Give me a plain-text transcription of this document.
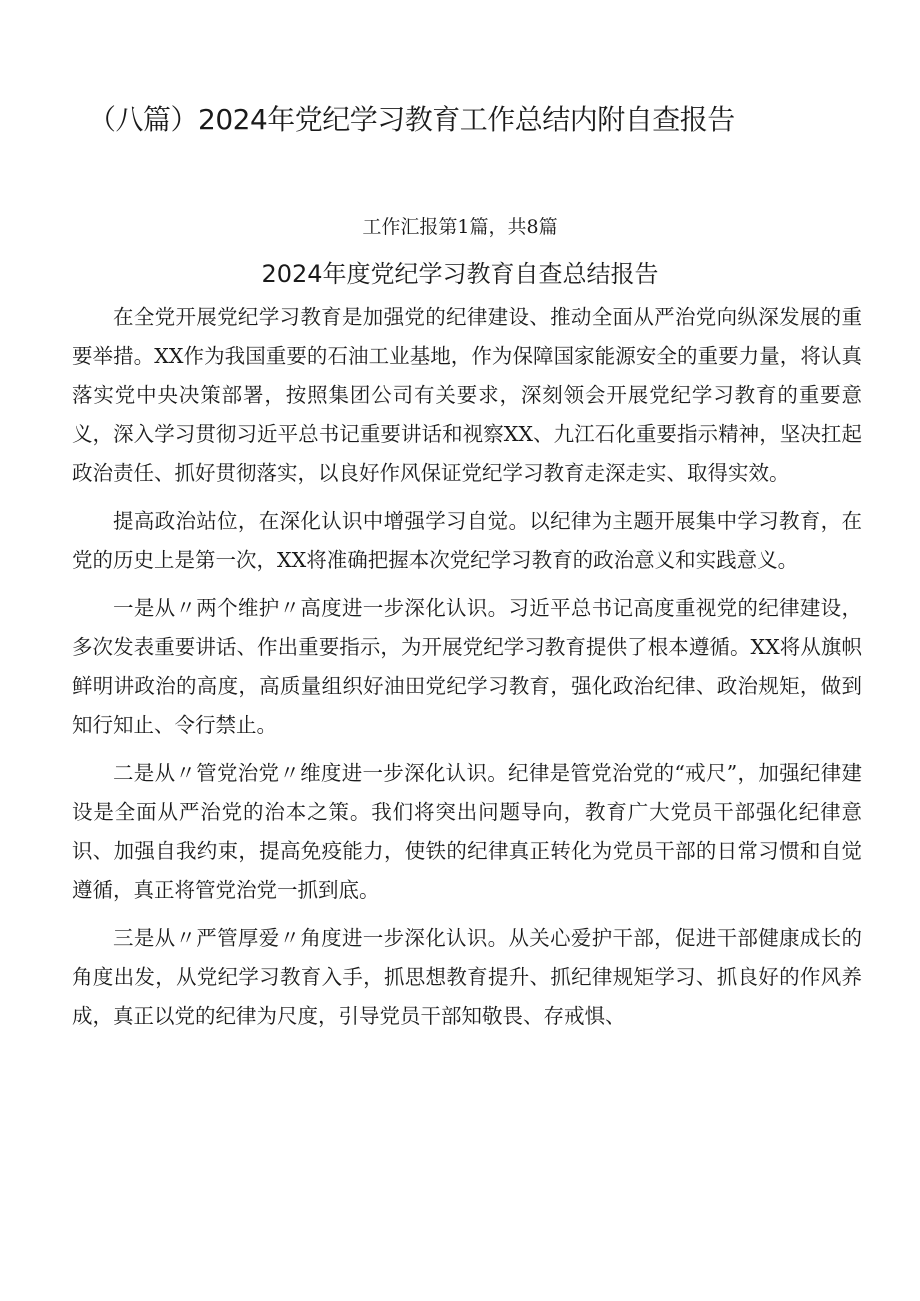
（八篇）2024年党纪学习教育工作总结内附自查报告
工作汇报第1篇，共8篇
2024年度党纪学习教育自查总结报告

在全党开展党纪学习教育是加强党的纪律建设、推动全面从严治党向纵深发展的重要举措。XX作为我国重要的石油工业基地，作为保障国家能源安全的重要力量，将认真落实党中央决策部署，按照集团公司有关要求，深刻领会开展党纪学习教育的重要意义，深入学习贯彻习近平总书记重要讲话和视察XX、九江石化重要指示精神，坚决扛起政治责任、抓好贯彻落实，以良好作风保证党纪学习教育走深走实、取得实效。

提高政治站位，在深化认识中增强学习自觉。以纪律为主题开展集中学习教育，在党的历史上是第一次，XX将准确把握本次党纪学习教育的政治意义和实践意义。

一是从〃两个维护〃高度进一步深化认识。习近平总书记高度重视党的纪律建设，多次发表重要讲话、作出重要指示，为开展党纪学习教育提供了根本遵循。XX将从旗帜鲜明讲政治的高度，高质量组织好油田党纪学习教育，强化政治纪律、政治规矩，做到知行知止、令行禁止。

二是从〃管党治党〃维度进一步深化认识。纪律是管党治党的“戒尺”，加强纪律建设是全面从严治党的治本之策。我们将突出问题导向，教育广大党员干部强化纪律意识、加强自我约束，提高免疫能力，使铁的纪律真正转化为党员干部的日常习惯和自觉遵循，真正将管党治党一抓到底。

三是从〃严管厚爱〃角度进一步深化认识。从关心爱护干部，促进干部健康成长的角度出发，从党纪学习教育入手，抓思想教育提升、抓纪律规矩学习、抓良好的作风养成，真正以党的纪律为尺度，引导党员干部知敬畏、存戒惧、
